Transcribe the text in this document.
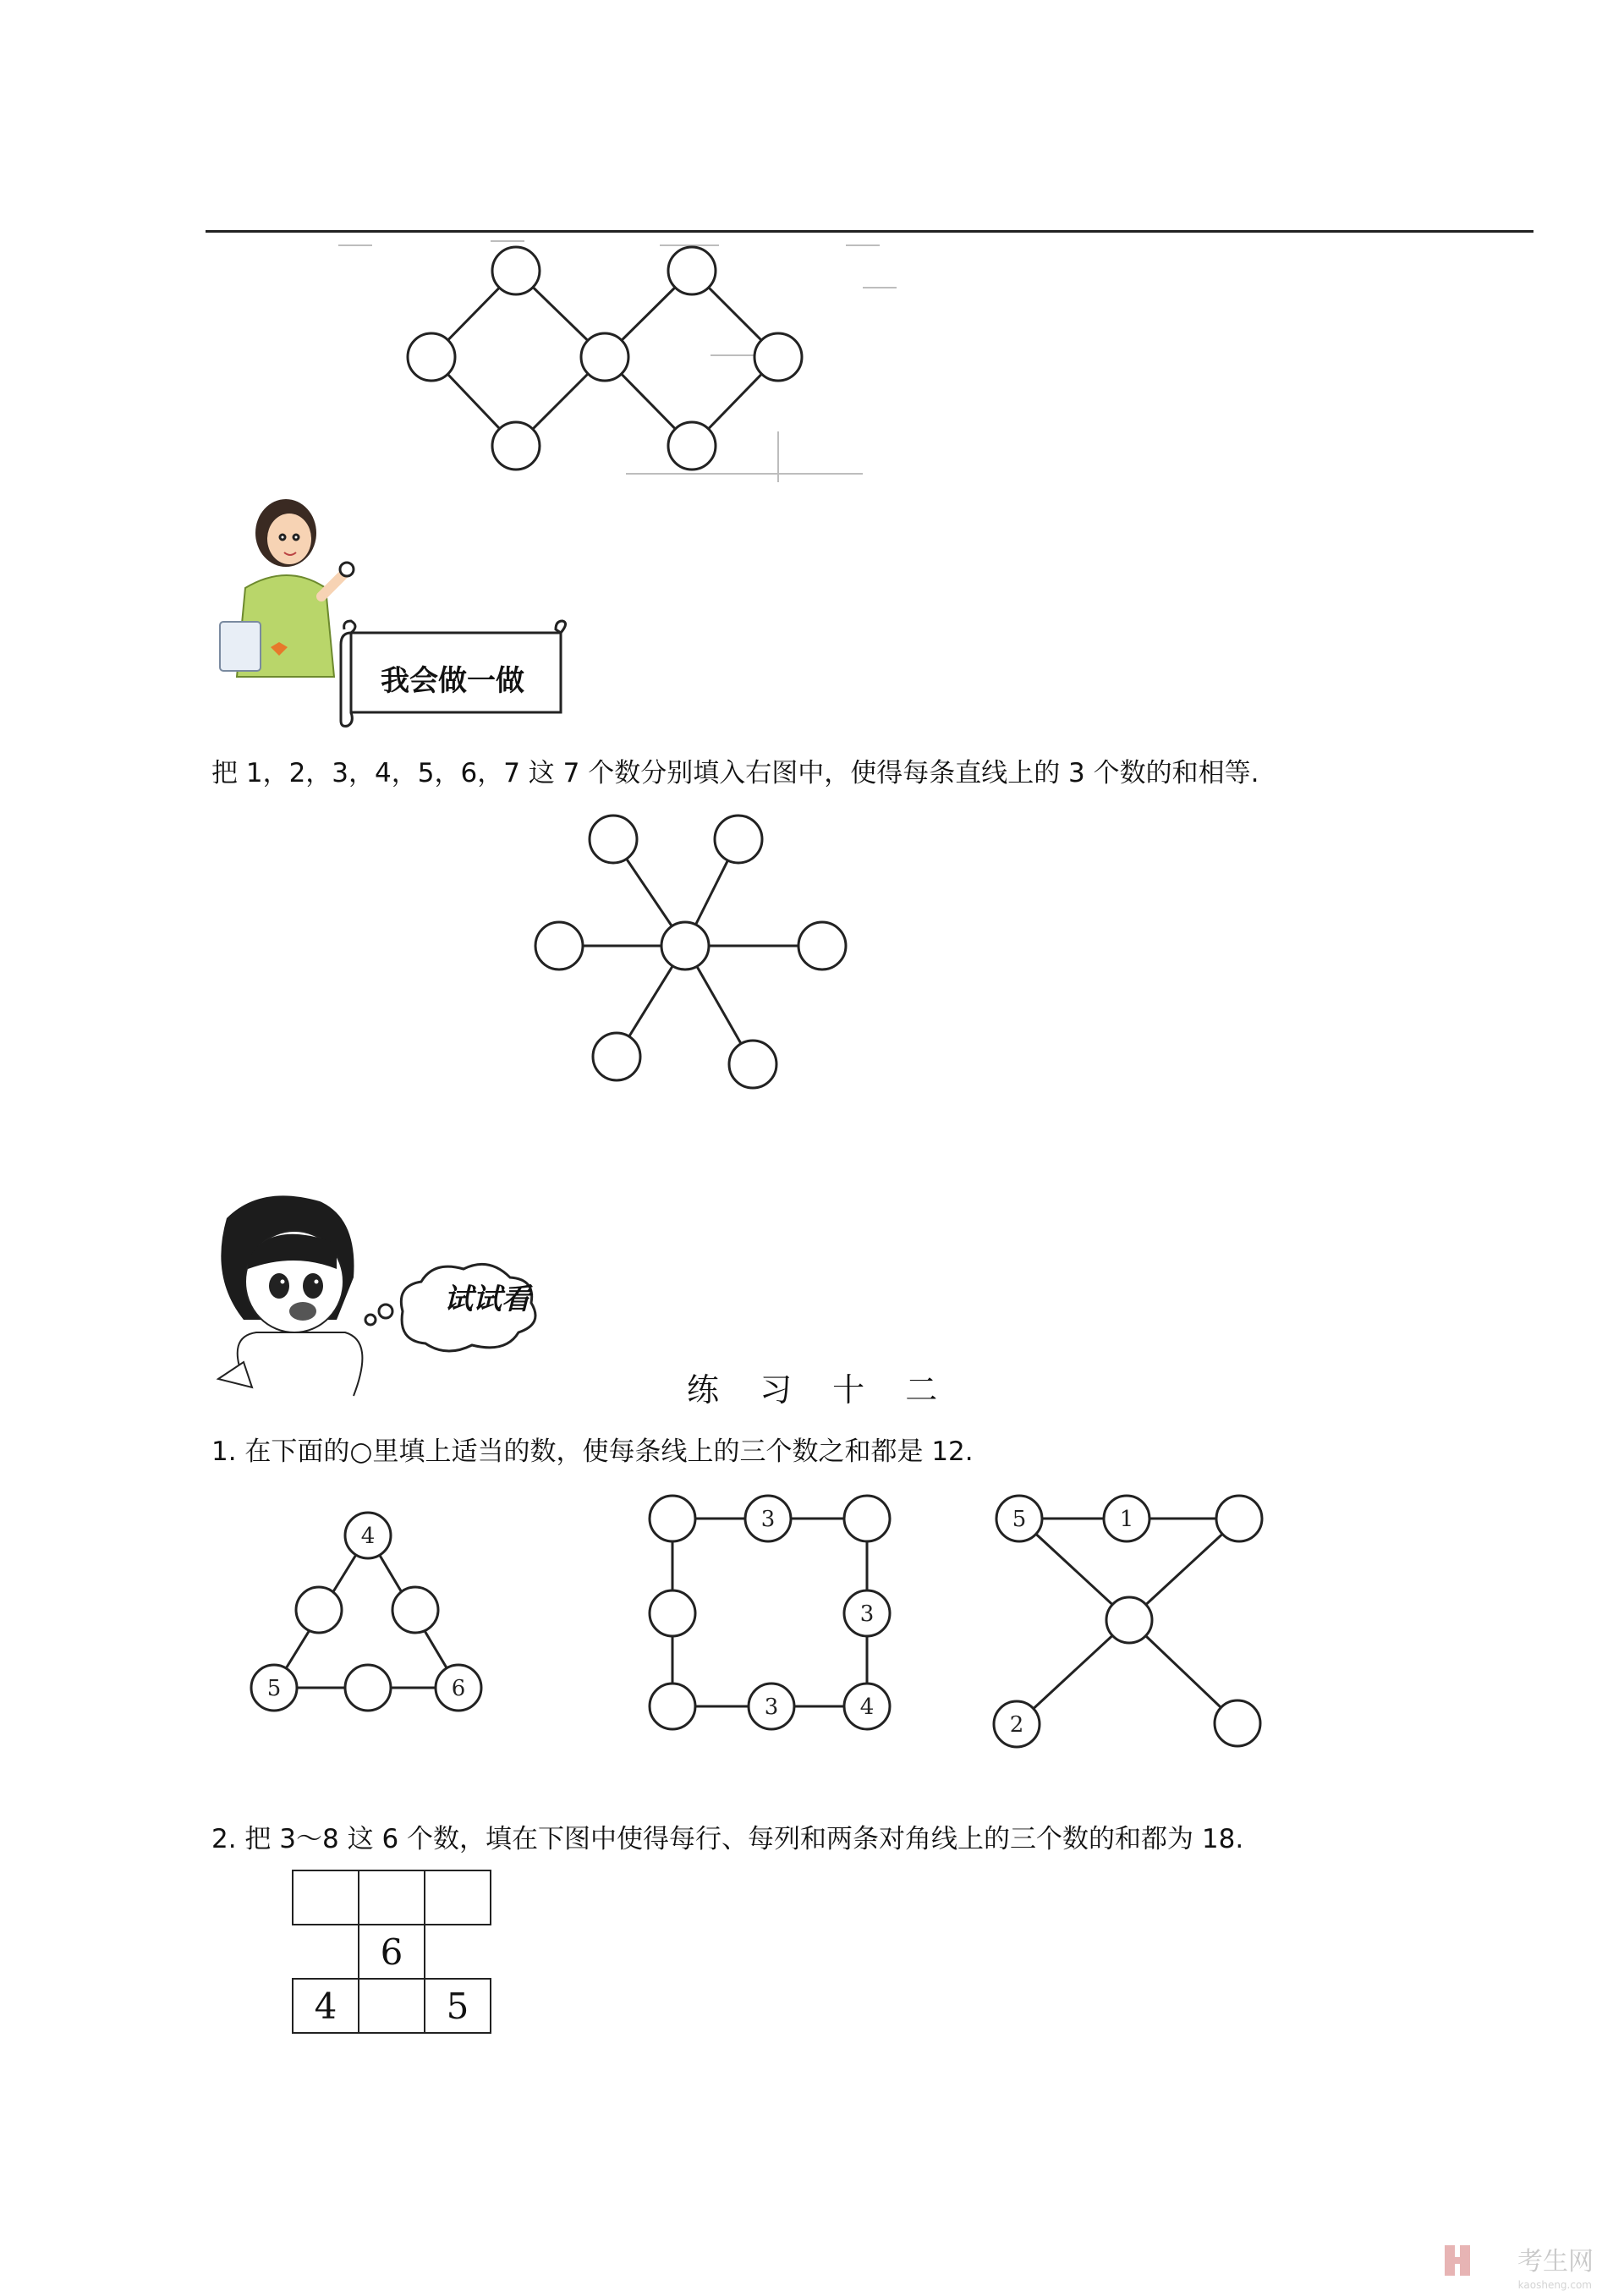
我会做一做
把 1，2，3，4，5，6，7 这 7 个数分别填入右图中，使得每条直线上的 3 个数的和相等.
试试看
练 习 十 二
1. 在下面的○里填上适当的数，使每条线上的三个数之和都是 12.
4
5	6
3
3
3	4
5	1
2
2. 把 3～8 这 6 个数，填在下图中使得每行、每列和两条对角线上的三个数的和都为 18.

	6	
4		5
考生网
kaosheng.com
